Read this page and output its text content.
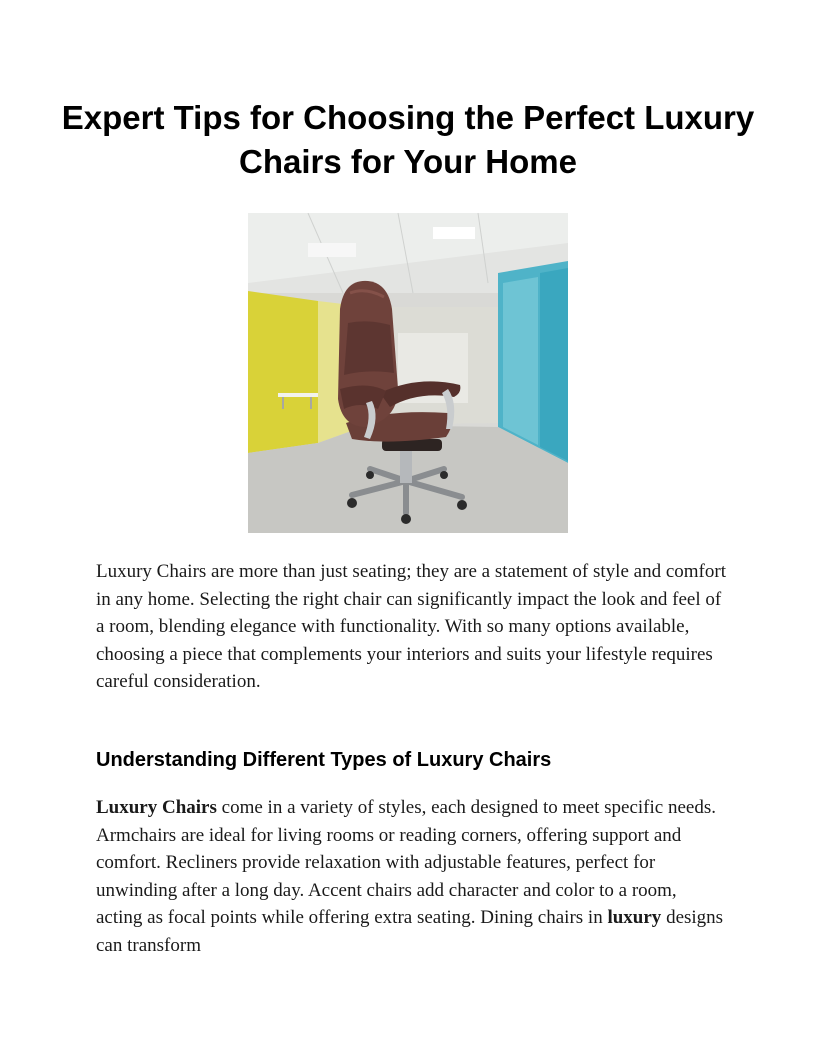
Expert Tips for Choosing the Perfect Luxury Chairs for Your Home

Luxury Chairs are more than just seating; they are a statement of style and comfort in any home. Selecting the right chair can significantly impact the look and feel of a room, blending elegance with functionality. With so many options available, choosing a piece that complements your interiors and suits your lifestyle requires careful consideration.

Understanding Different Types of Luxury Chairs

Luxury Chairs come in a variety of styles, each designed to meet specific needs. Armchairs are ideal for living rooms or reading corners, offering support and comfort. Recliners provide relaxation with adjustable features, perfect for unwinding after a long day. Accent chairs add character and color to a room, acting as focal points while offering extra seating. Dining chairs in luxury designs can transform
